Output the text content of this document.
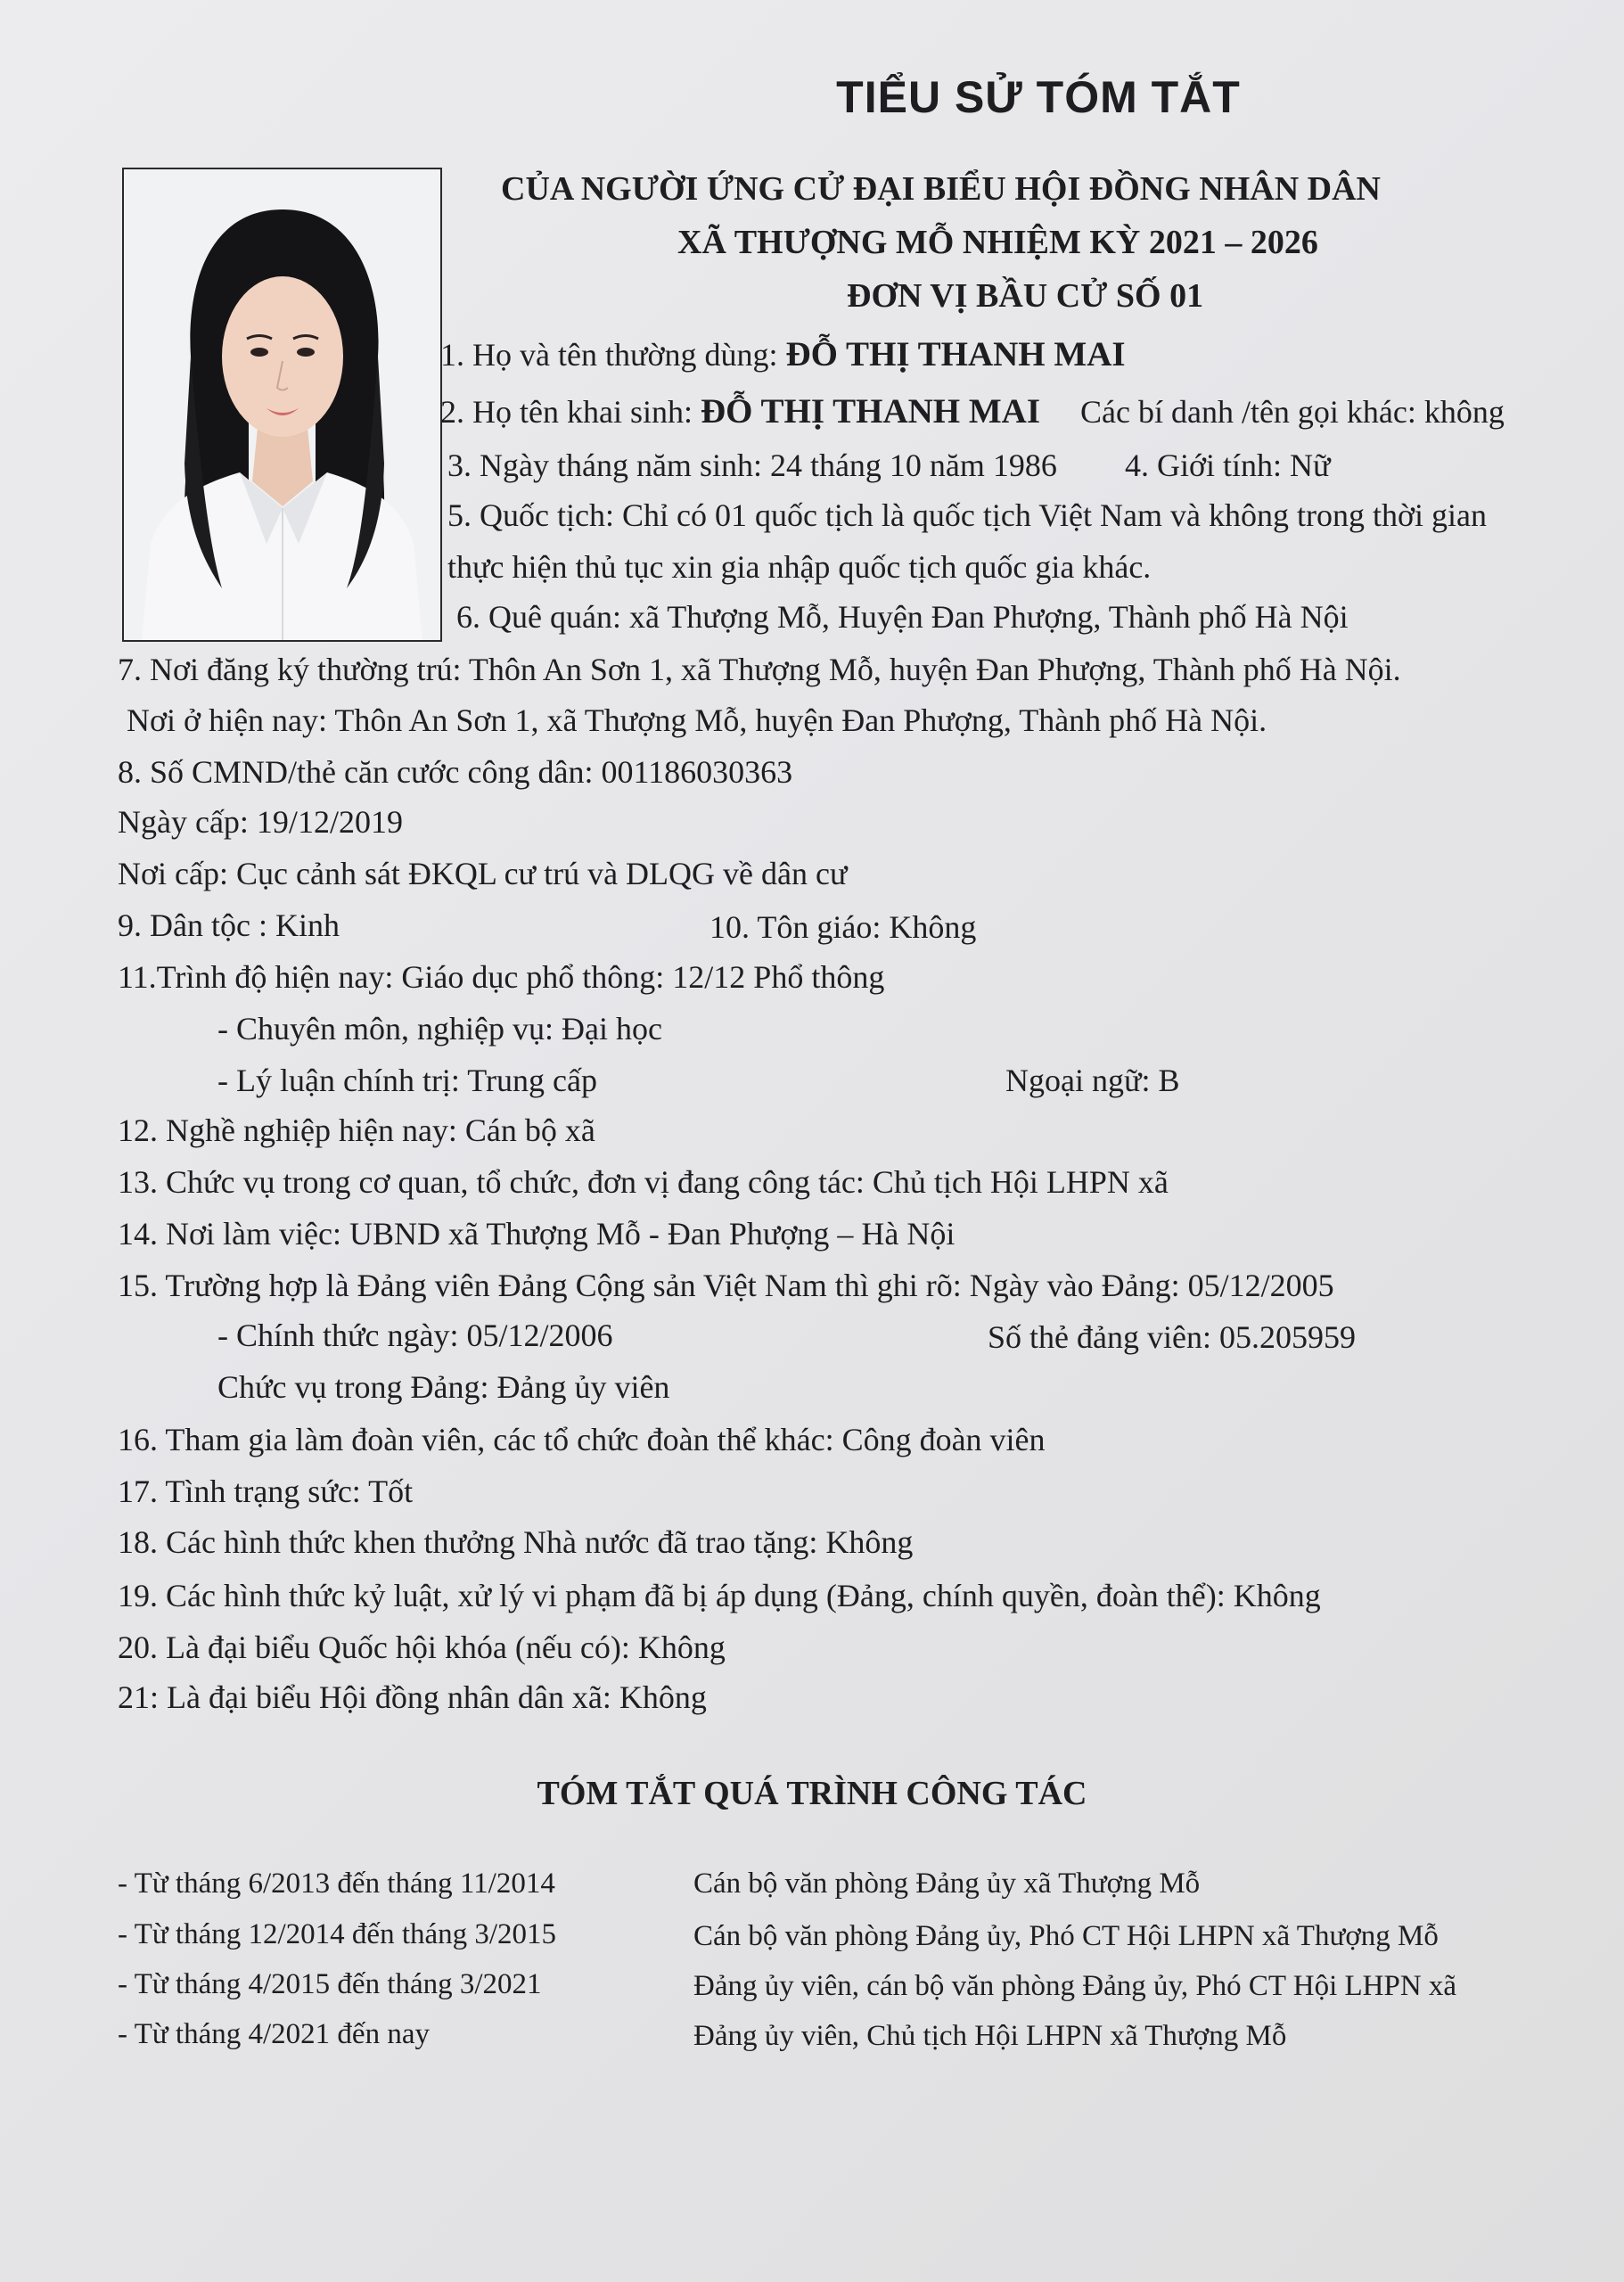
TIỂU SỬ TÓM TẮT
CỦA NGƯỜI ỨNG CỬ ĐẠI BIỂU HỘI ĐỒNG NHÂN DÂN
XÃ THƯỢNG MỖ NHIỆM KỲ 2021 – 2026
ĐƠN VỊ BẦU CỬ SỐ 01
1. Họ và tên thường dùng: ĐỖ THỊ THANH MAI
2. Họ tên khai sinh: ĐỖ THỊ THANH MAI Các bí danh /tên gọi khác: không
3. Ngày tháng năm sinh: 24 tháng 10 năm 1986 4. Giới tính: Nữ
5. Quốc tịch: Chỉ có 01 quốc tịch là quốc tịch Việt Nam và không trong thời gian
thực hiện thủ tục xin gia nhập quốc tịch quốc gia khác.
6. Quê quán: xã Thượng Mỗ, Huyện Đan Phượng, Thành phố Hà Nội
7. Nơi đăng ký thường trú: Thôn An Sơn 1, xã Thượng Mỗ, huyện Đan Phượng, Thành phố Hà Nội.
Nơi ở hiện nay: Thôn An Sơn 1, xã Thượng Mỗ, huyện Đan Phượng, Thành phố Hà Nội.
8. Số CMND/thẻ căn cước công dân: 001186030363
Ngày cấp: 19/12/2019
Nơi cấp: Cục cảnh sát ĐKQL cư trú và DLQG về dân cư
9. Dân tộc : Kinh	10. Tôn giáo: Không
11.Trình độ hiện nay: Giáo dục phổ thông: 12/12 Phổ thông
- Chuyên môn, nghiệp vụ: Đại học
- Lý luận chính trị: Trung cấp	Ngoại ngữ: B
12. Nghề nghiệp hiện nay: Cán bộ xã
13. Chức vụ trong cơ quan, tổ chức, đơn vị đang công tác: Chủ tịch Hội LHPN xã
14. Nơi làm việc: UBND xã Thượng Mỗ - Đan Phượng – Hà Nội
15. Trường hợp là Đảng viên Đảng Cộng sản Việt Nam thì ghi rõ: Ngày vào Đảng: 05/12/2005
- Chính thức ngày: 05/12/2006	Số thẻ đảng viên: 05.205959
Chức vụ trong Đảng: Đảng ủy viên
16. Tham gia làm đoàn viên, các tổ chức đoàn thể khác: Công đoàn viên
17. Tình trạng sức: Tốt
18. Các hình thức khen thưởng Nhà nước đã trao tặng: Không
19. Các hình thức kỷ luật, xử lý vi phạm đã bị áp dụng (Đảng, chính quyền, đoàn thể): Không
20. Là đại biểu Quốc hội khóa (nếu có): Không
21: Là đại biểu Hội đồng nhân dân xã: Không
TÓM TẮT QUÁ TRÌNH CÔNG TÁC
- Từ tháng 6/2013 đến tháng 11/2014	Cán bộ văn phòng Đảng ủy xã Thượng Mỗ
- Từ tháng 12/2014 đến tháng 3/2015	Cán bộ văn phòng Đảng ủy, Phó CT Hội LHPN xã Thượng Mỗ
- Từ tháng 4/2015 đến tháng 3/2021	Đảng ủy viên, cán bộ văn phòng Đảng ủy, Phó CT Hội LHPN xã
- Từ tháng 4/2021 đến nay	Đảng ủy viên, Chủ tịch Hội LHPN xã Thượng Mỗ
